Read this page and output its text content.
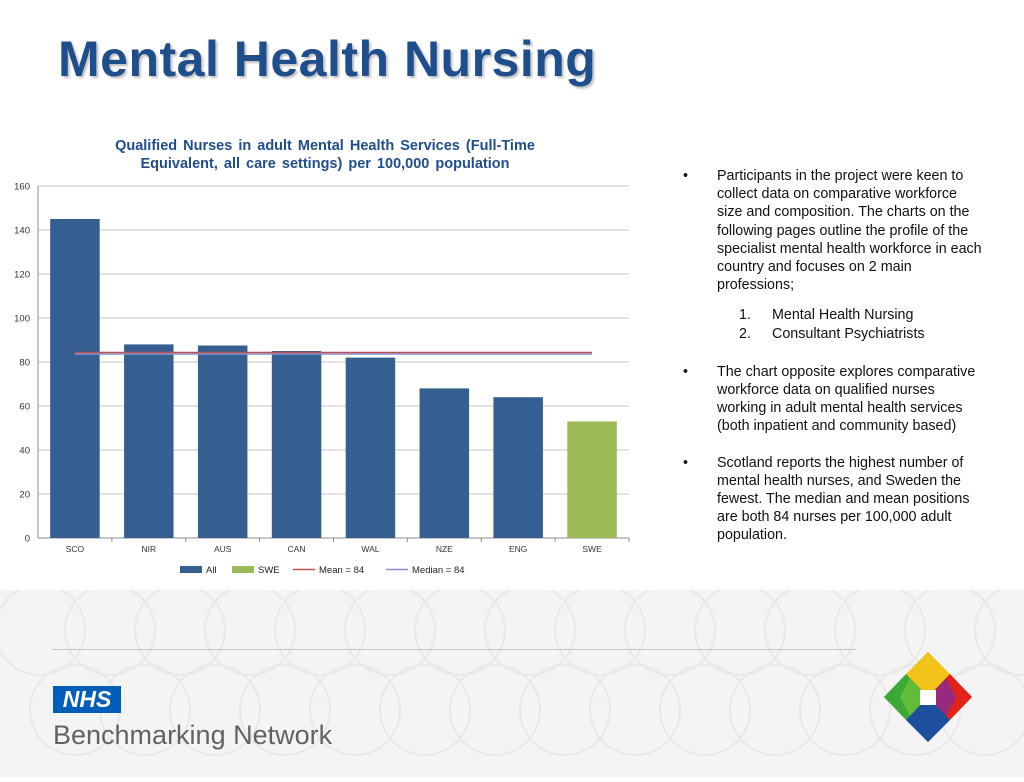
Mental Health Nursing
Qualified Nurses in adult Mental Health Services (Full-Time
Equivalent, all care settings) per 100,000 population
0
20
40
60
80
100
120
140
160
SCO	NIR	AUS	CAN	WAL	NZE	ENG	SWE
All	SWE	Mean = 84	Median = 84
• Participants in the project were keen to collect data on comparative workforce size and composition. The charts on the following pages outline the profile of the specialist mental health workforce in each country and focuses on 2 main professions;
1. Mental Health Nursing
2. Consultant Psychiatrists
• The chart opposite explores comparative workforce data on qualified nurses working in adult mental health services (both inpatient and community based)
• Scotland reports the highest number of mental health nurses, and Sweden the fewest. The median and mean positions are both 84 nurses per 100,000 adult population.
NHS
Benchmarking Network
